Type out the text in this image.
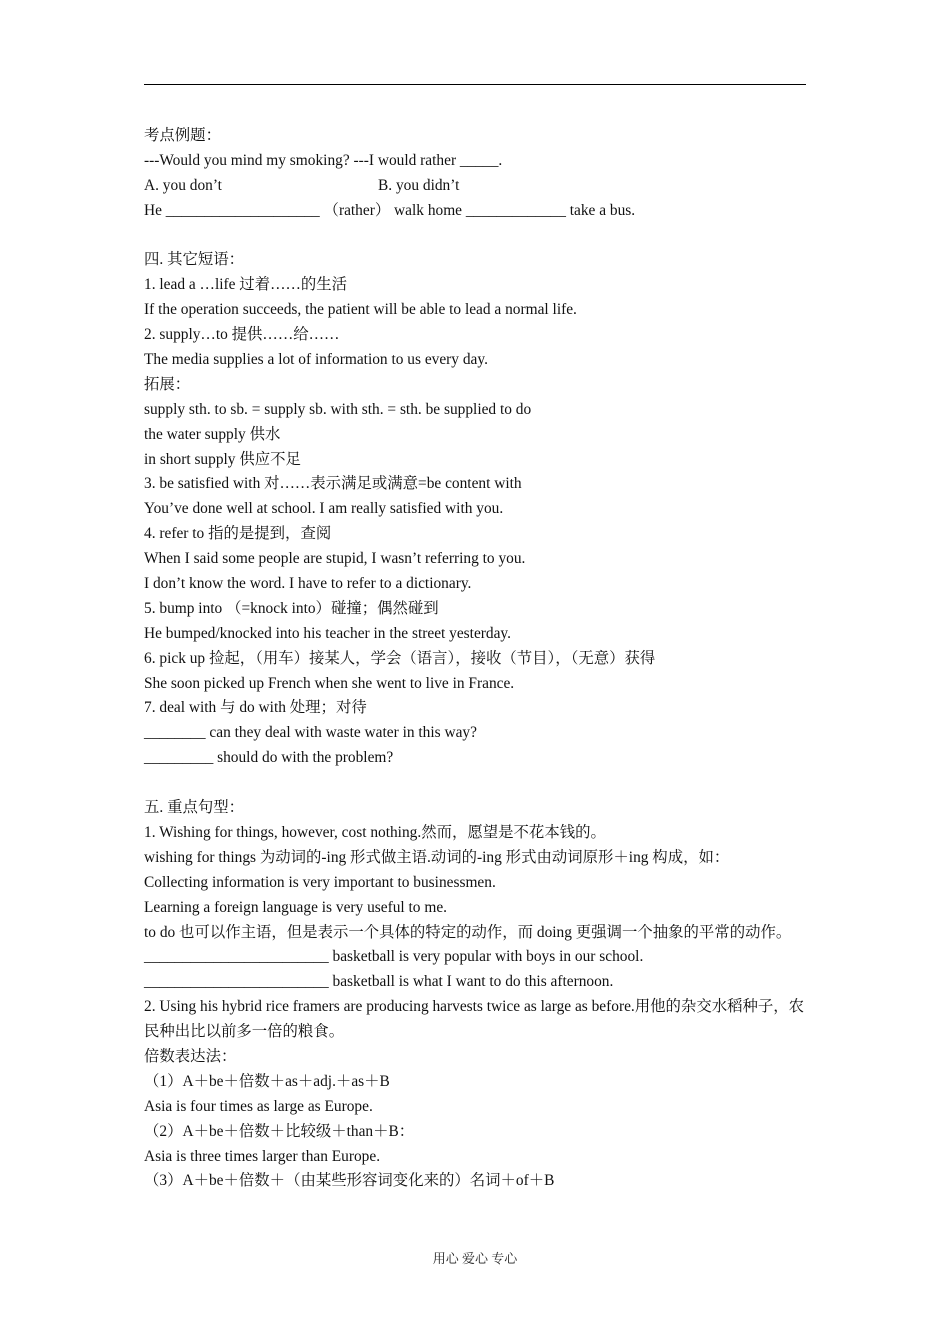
考点例题：
---Would you mind my smoking? ---I would rather _____.
A. you don’t	B. you didn’t
He ____________________ （rather） walk home _____________ take a bus.
四. 其它短语：
1. lead a …life 过着……的生活
If the operation succeeds, the patient will be able to lead a normal life.
2. supply…to 提供……给……
The media supplies a lot of information to us every day.
拓展：
supply sth. to sb. = supply sb. with sth. = sth. be supplied to do
the water supply 供水
in short supply 供应不足
3. be satisfied with 对……表示满足或满意=be content with
You’ve done well at school. I am really satisfied with you.
4. refer to 指的是提到，查阅
When I said some people are stupid, I wasn’t referring to you.
I don’t know the word. I have to refer to a dictionary.
5. bump into （=knock into）碰撞；偶然碰到
He bumped/knocked into his teacher in the street yesterday.
6. pick up 捡起，（用车）接某人，学会（语言），接收（节目），（无意）获得
She soon picked up French when she went to live in France.
7. deal with 与 do with 处理；对待
________ can they deal with waste water in this way?
_________ should do with the problem?
五. 重点句型：
1. Wishing for things, however, cost nothing.然而，愿望是不花本钱的。
wishing for things 为动词的-ing 形式做主语.动词的-ing 形式由动词原形＋ing 构成，如：
Collecting information is very important to businessmen.
Learning a foreign language is very useful to me.
to do 也可以作主语，但是表示一个具体的特定的动作，而 doing 更强调一个抽象的平常的动作。
________________________ basketball is very popular with boys in our school.
________________________ basketball is what I want to do this afternoon.
2. Using his hybrid rice framers are producing harvests twice as large as before.用他的杂交水稻种子，农民种出比以前多一倍的粮食。
倍数表达法：
（1）A＋be＋倍数＋as＋adj.＋as＋B
Asia is four times as large as Europe.
（2）A＋be＋倍数＋比较级＋than＋B：
Asia is three times larger than Europe.
（3）A＋be＋倍数＋（由某些形容词变化来的）名词＋of＋B
用心 爱心 专心
